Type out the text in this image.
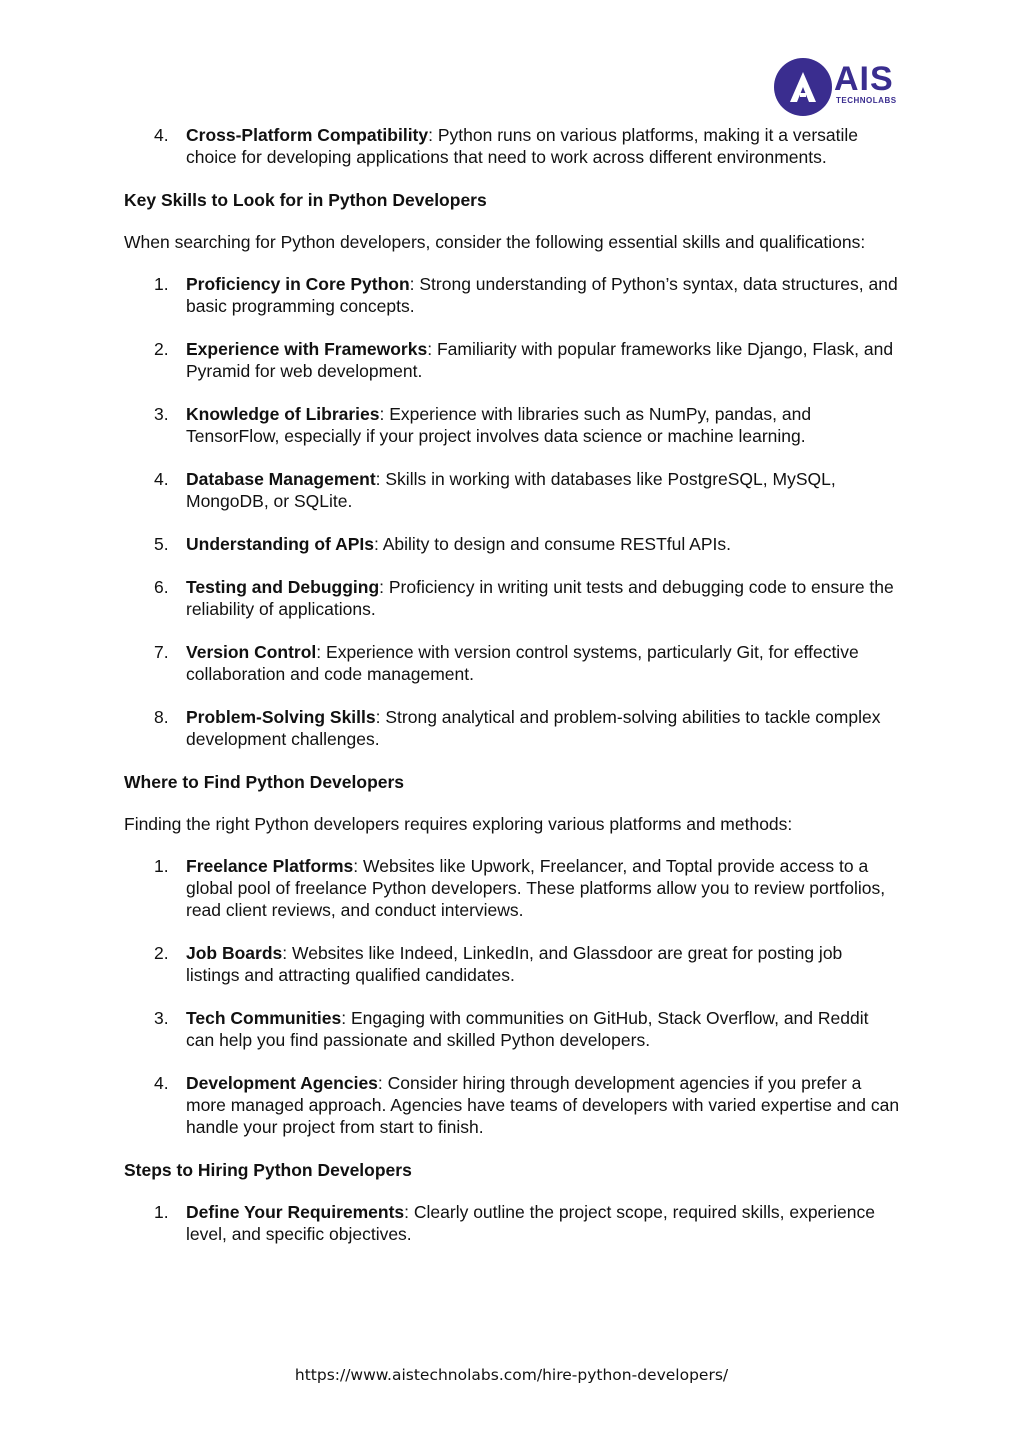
AIS
TECHNOLABS
4. Cross-Platform Compatibility: Python runs on various platforms, making it a versatile choice for developing applications that need to work across different environments.
Key Skills to Look for in Python Developers
When searching for Python developers, consider the following essential skills and qualifications:
1. Proficiency in Core Python: Strong understanding of Python’s syntax, data structures, and basic programming concepts.
2. Experience with Frameworks: Familiarity with popular frameworks like Django, Flask, and Pyramid for web development.
3. Knowledge of Libraries: Experience with libraries such as NumPy, pandas, and TensorFlow, especially if your project involves data science or machine learning.
4. Database Management: Skills in working with databases like PostgreSQL, MySQL, MongoDB, or SQLite.
5. Understanding of APIs: Ability to design and consume RESTful APIs.
6. Testing and Debugging: Proficiency in writing unit tests and debugging code to ensure the reliability of applications.
7. Version Control: Experience with version control systems, particularly Git, for effective collaboration and code management.
8. Problem-Solving Skills: Strong analytical and problem-solving abilities to tackle complex development challenges.
Where to Find Python Developers
Finding the right Python developers requires exploring various platforms and methods:
1. Freelance Platforms: Websites like Upwork, Freelancer, and Toptal provide access to a global pool of freelance Python developers. These platforms allow you to review portfolios, read client reviews, and conduct interviews.
2. Job Boards: Websites like Indeed, LinkedIn, and Glassdoor are great for posting job listings and attracting qualified candidates.
3. Tech Communities: Engaging with communities on GitHub, Stack Overflow, and Reddit can help you find passionate and skilled Python developers.
4. Development Agencies: Consider hiring through development agencies if you prefer a more managed approach. Agencies have teams of developers with varied expertise and can handle your project from start to finish.
Steps to Hiring Python Developers
1. Define Your Requirements: Clearly outline the project scope, required skills, experience level, and specific objectives.
https://www.aistechnolabs.com/hire-python-developers/
